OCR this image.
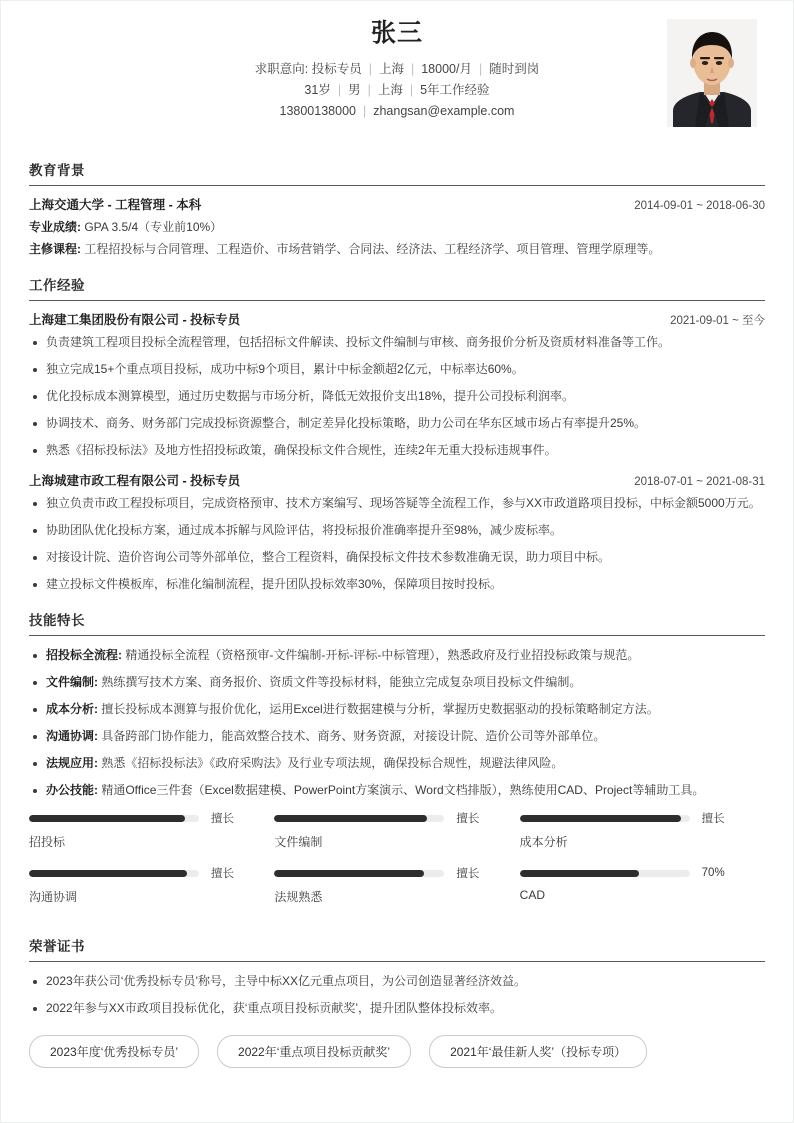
张三
求职意向: 投标专员 | 上海 | 18000/月 | 随时到岗
31岁 | 男 | 上海 | 5年工作经验
13800138000 | zhangsan@example.com
教育背景
上海交通大学 - 工程管理 - 本科	2014-09-01 ~ 2018-06-30
专业成绩: GPA 3.5/4（专业前10%）
主修课程: 工程招投标与合同管理、工程造价、市场营销学、合同法、经济法、工程经济学、项目管理、管理学原理等。
工作经验
上海建工集团股份有限公司 - 投标专员	2021-09-01 ~ 至今
负责建筑工程项目投标全流程管理，包括招标文件解读、投标文件编制与审核、商务报价分析及资质材料准备等工作。
独立完成15+个重点项目投标，成功中标9个项目，累计中标金额超2亿元，中标率达60%。
优化投标成本测算模型，通过历史数据与市场分析，降低无效报价支出18%，提升公司投标利润率。
协调技术、商务、财务部门完成投标资源整合，制定差异化投标策略，助力公司在华东区域市场占有率提升25%。
熟悉《招标投标法》及地方性招投标政策，确保投标文件合规性，连续2年无重大投标违规事件。
上海城建市政工程有限公司 - 投标专员	2018-07-01 ~ 2021-08-31
独立负责市政工程投标项目，完成资格预审、技术方案编写、现场答疑等全流程工作，参与XX市政道路项目投标，中标金额5000万元。
协助团队优化投标方案，通过成本拆解与风险评估，将投标报价准确率提升至98%，减少废标率。
对接设计院、造价咨询公司等外部单位，整合工程资料，确保投标文件技术参数准确无误，助力项目中标。
建立投标文件模板库，标准化编制流程，提升团队投标效率30%，保障项目按时投标。
技能特长
招投标全流程: 精通投标全流程（资格预审-文件编制-开标-评标-中标管理），熟悉政府及行业招投标政策与规范。
文件编制: 熟练撰写技术方案、商务报价、资质文件等投标材料，能独立完成复杂项目投标文件编制。
成本分析: 擅长投标成本测算与报价优化，运用Excel进行数据建模与分析，掌握历史数据驱动的投标策略制定方法。
沟通协调: 具备跨部门协作能力，能高效整合技术、商务、财务资源，对接设计院、造价公司等外部单位。
法规应用: 熟悉《招标投标法》《政府采购法》及行业专项法规，确保投标合规性，规避法律风险。
办公技能: 精通Office三件套（Excel数据建模、PowerPoint方案演示、Word文档排版），熟练使用CAD、Project等辅助工具。
擅长
招投标
擅长
文件编制
擅长
成本分析
擅长
沟通协调
擅长
法规熟悉
70%
CAD
荣誉证书
2023年获公司‘优秀投标专员’称号，主导中标XX亿元重点项目，为公司创造显著经济效益。
2022年参与XX市政项目投标优化，获‘重点项目投标贡献奖’，提升团队整体投标效率。
2023年度‘优秀投标专员’	2022年‘重点项目投标贡献奖’	2021年‘最佳新人奖’（投标专项）
